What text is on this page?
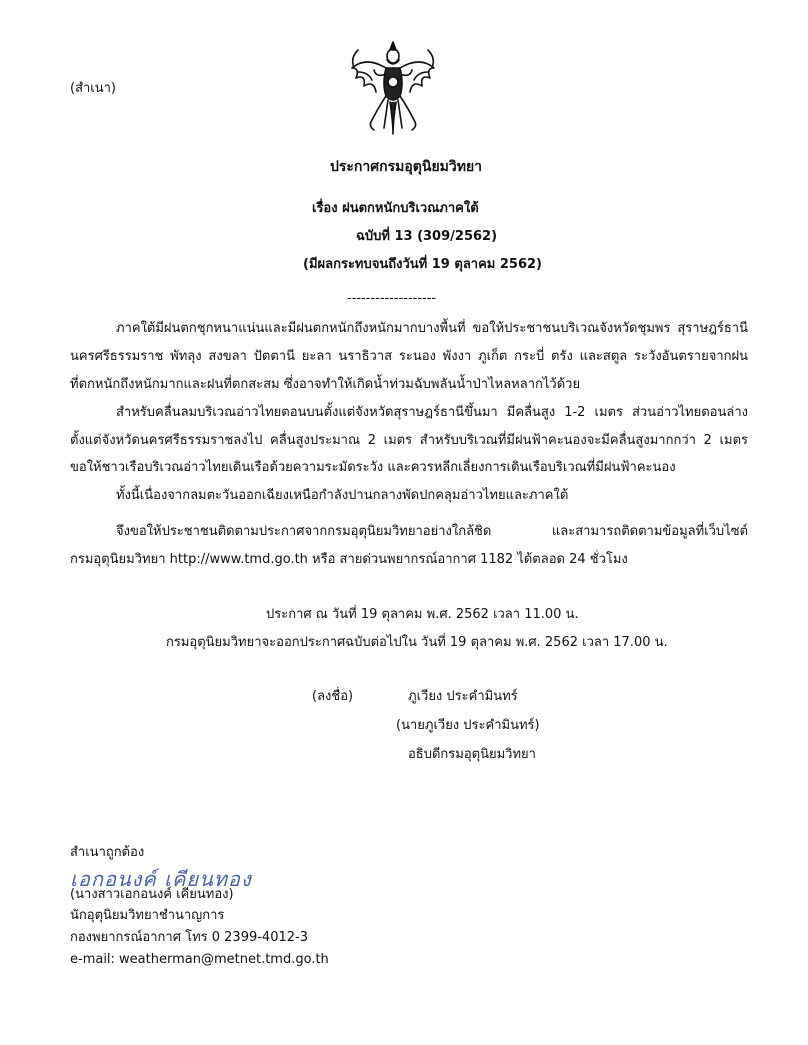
(สำเนา)
ประกาศกรมอุตุนิยมวิทยา
เรื่อง ฝนตกหนักบริเวณภาคใต้
ฉบับที่ 13 (309/2562)
(มีผลกระทบจนถึงวันที่ 19 ตุลาคม 2562)
-------------------
ภาคใต้มีฝนตกชุกหนาแน่นและมีฝนตกหนักถึงหนักมากบางพื้นที่ ขอให้ประชาชนบริเวณจังหวัดชุมพร สุราษฎร์ธานี
นครศรีธรรมราช พัทลุง สงขลา ปัตตานี ยะลา นราธิวาส ระนอง พังงา ภูเก็ต กระบี่ ตรัง และสตูล ระวังอันตรายจากฝน
ที่ตกหนักถึงหนักมากและฝนที่ตกสะสม ซึ่งอาจทำให้เกิดน้ำท่วมฉับพลันน้ำป่าไหลหลากไว้ด้วย
สำหรับคลื่นลมบริเวณอ่าวไทยตอนบนตั้งแต่จังหวัดสุราษฎร์ธานีขึ้นมา มีคลื่นสูง 1-2 เมตร ส่วนอ่าวไทยตอนล่าง
ตั้งแต่จังหวัดนครศรีธรรมราชลงไป คลื่นสูงประมาณ 2 เมตร สำหรับบริเวณที่มีฝนฟ้าคะนองจะมีคลื่นสูงมากกว่า 2 เมตร
ขอให้ชาวเรือบริเวณอ่าวไทยเดินเรือด้วยความระมัดระวัง และควรหลีกเลี่ยงการเดินเรือบริเวณที่มีฝนฟ้าคะนอง
ทั้งนี้เนื่องจากลมตะวันออกเฉียงเหนือกำลังปานกลางพัดปกคลุมอ่าวไทยและภาคใต้
จึงขอให้ประชาชนติดตามประกาศจากกรมอุตุนิยมวิทยาอย่างใกล้ชิด และสามารถติดตามข้อมูลที่เว็บไซต์
กรมอุตุนิยมวิทยา http://www.tmd.go.th หรือ สายด่วนพยากรณ์อากาศ 1182 ได้ตลอด 24 ชั่วโมง
ประกาศ ณ วันที่ 19 ตุลาคม พ.ศ. 2562 เวลา 11.00 น.
กรมอุตุนิยมวิทยาจะออกประกาศฉบับต่อไปใน วันที่ 19 ตุลาคม พ.ศ. 2562 เวลา 17.00 น.
(ลงชื่อ)	ภูเวียง ประคำมินทร์
(นายภูเวียง ประคำมินทร์)
อธิบดีกรมอุตุนิยมวิทยา
สำเนาถูกต้อง
เอกอนงค์ เคียนทอง
(นางสาวเอกอนงค์ เคียนทอง)
นักอุตุนิยมวิทยาชำนาญการ
กองพยากรณ์อากาศ โทร 0 2399-4012-3
e-mail: weatherman@metnet.tmd.go.th
